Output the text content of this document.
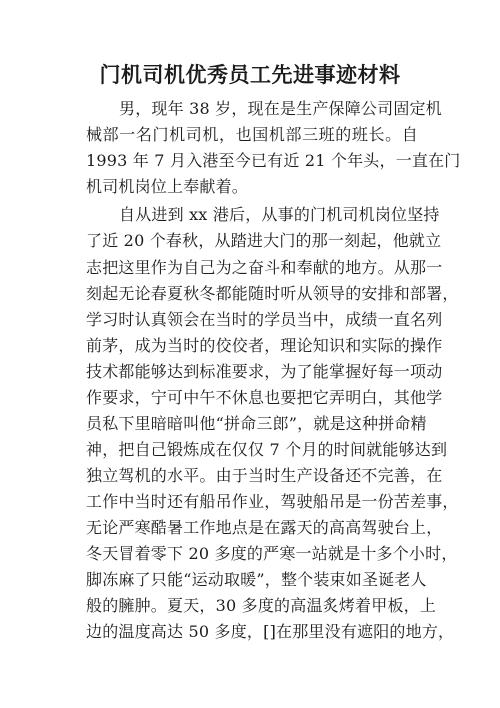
门机司机优秀员工先进事迹材料

男，现年 38 岁，现在是生产保障公司固定机

械部一名门机司机，也国机部三班的班长。自

1993 年 7 月入港至今已有近 21 个年头，一直在门

机司机岗位上奉献着。

自从进到 xx 港后，从事的门机司机岗位坚持

了近 20 个春秋，从踏进大门的那一刻起，他就立

志把这里作为自己为之奋斗和奉献的地方。从那一

刻起无论春夏秋冬都能随时听从领导的安排和部署，

学习时认真领会在当时的学员当中，成绩一直名列

前茅，成为当时的佼佼者，理论知识和实际的操作

技术都能够达到标准要求，为了能掌握好每一项动

作要求，宁可中午不休息也要把它弄明白，其他学

员私下里暗暗叫他“拼命三郎”，就是这种拼命精

神，把自己锻炼成在仅仅 7 个月的时间就能够达到

独立驾机的水平。由于当时生产设备还不完善，在

工作中当时还有船吊作业，驾驶船吊是一份苦差事，

无论严寒酷暑工作地点是在露天的高高驾驶台上，

冬天冒着零下 20 多度的严寒一站就是十多个小时，

脚冻麻了只能“运动取暖”，整个装束如圣诞老人

般的臃肿。夏天，30 多度的高温炙烤着甲板，上

边的温度高达 50 多度，[]在那里没有遮阳的地方，
